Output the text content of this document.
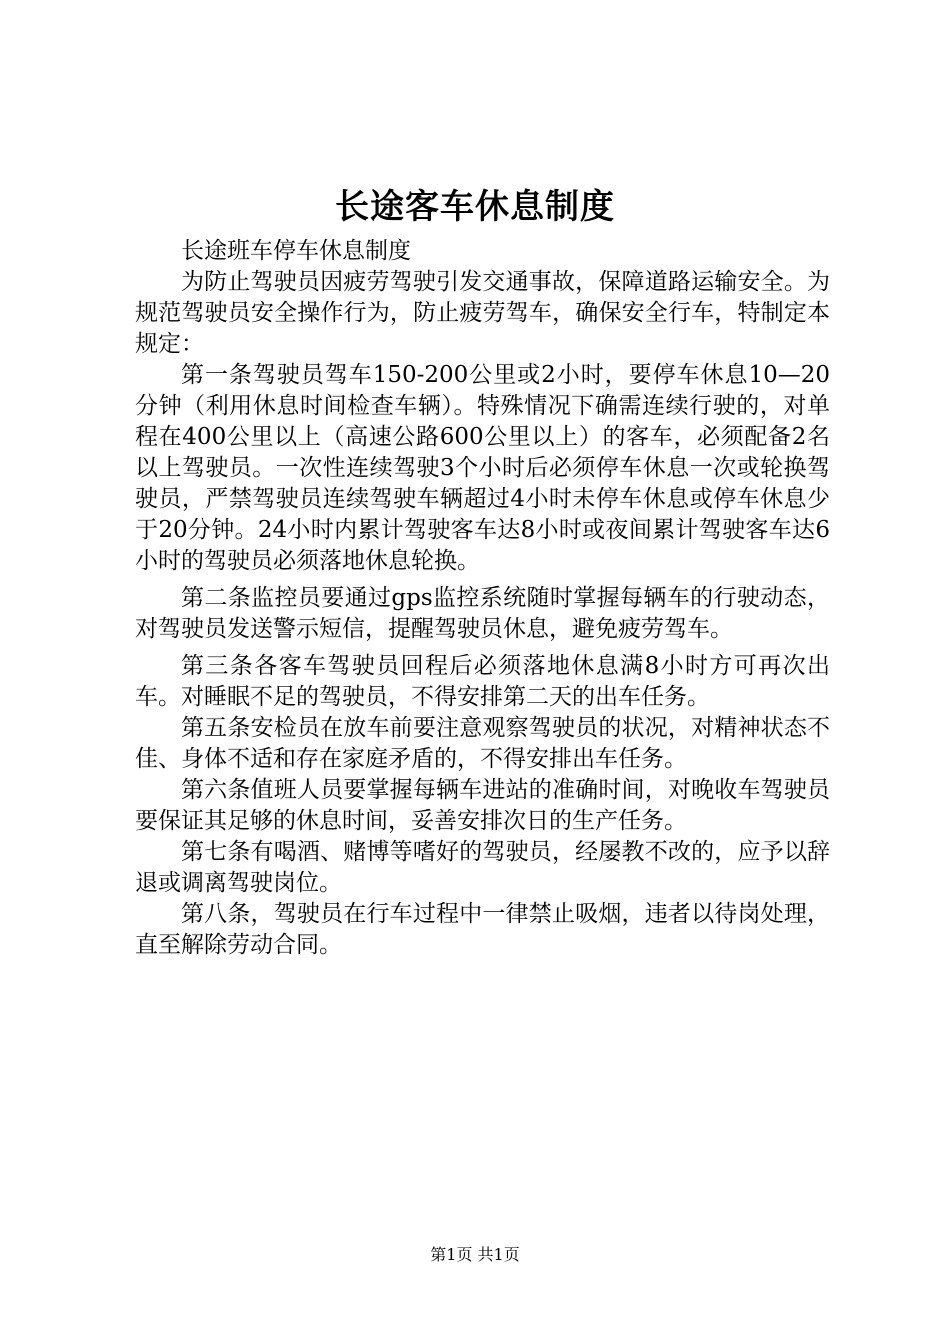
长途客车休息制度

长途班车停车休息制度

为防止驾驶员因疲劳驾驶引发交通事故，保障道路运输安全。为规范驾驶员安全操作行为，防止疲劳驾车，确保安全行车，特制定本规定：

第一条驾驶员驾车150-200公里或2小时，要停车休息10—20分钟（利用休息时间检查车辆）。特殊情况下确需连续行驶的，对单程在400公里以上（高速公路600公里以上）的客车，必须配备2名以上驾驶员。一次性连续驾驶3个小时后必须停车休息一次或轮换驾驶员，严禁驾驶员连续驾驶车辆超过4小时未停车休息或停车休息少于20分钟。24小时内累计驾驶客车达8小时或夜间累计驾驶客车达6小时的驾驶员必须落地休息轮换。

第二条监控员要通过gps监控系统随时掌握每辆车的行驶动态，对驾驶员发送警示短信，提醒驾驶员休息，避免疲劳驾车。

第三条各客车驾驶员回程后必须落地休息满8小时方可再次出车。对睡眠不足的驾驶员，不得安排第二天的出车任务。

第五条安检员在放车前要注意观察驾驶员的状况，对精神状态不佳、身体不适和存在家庭矛盾的，不得安排出车任务。

第六条值班人员要掌握每辆车进站的准确时间，对晚收车驾驶员要保证其足够的休息时间，妥善安排次日的生产任务。

第七条有喝酒、赌博等嗜好的驾驶员，经屡教不改的，应予以辞退或调离驾驶岗位。

第八条，驾驶员在行车过程中一律禁止吸烟，违者以待岗处理，直至解除劳动合同。

第1页 共1页
